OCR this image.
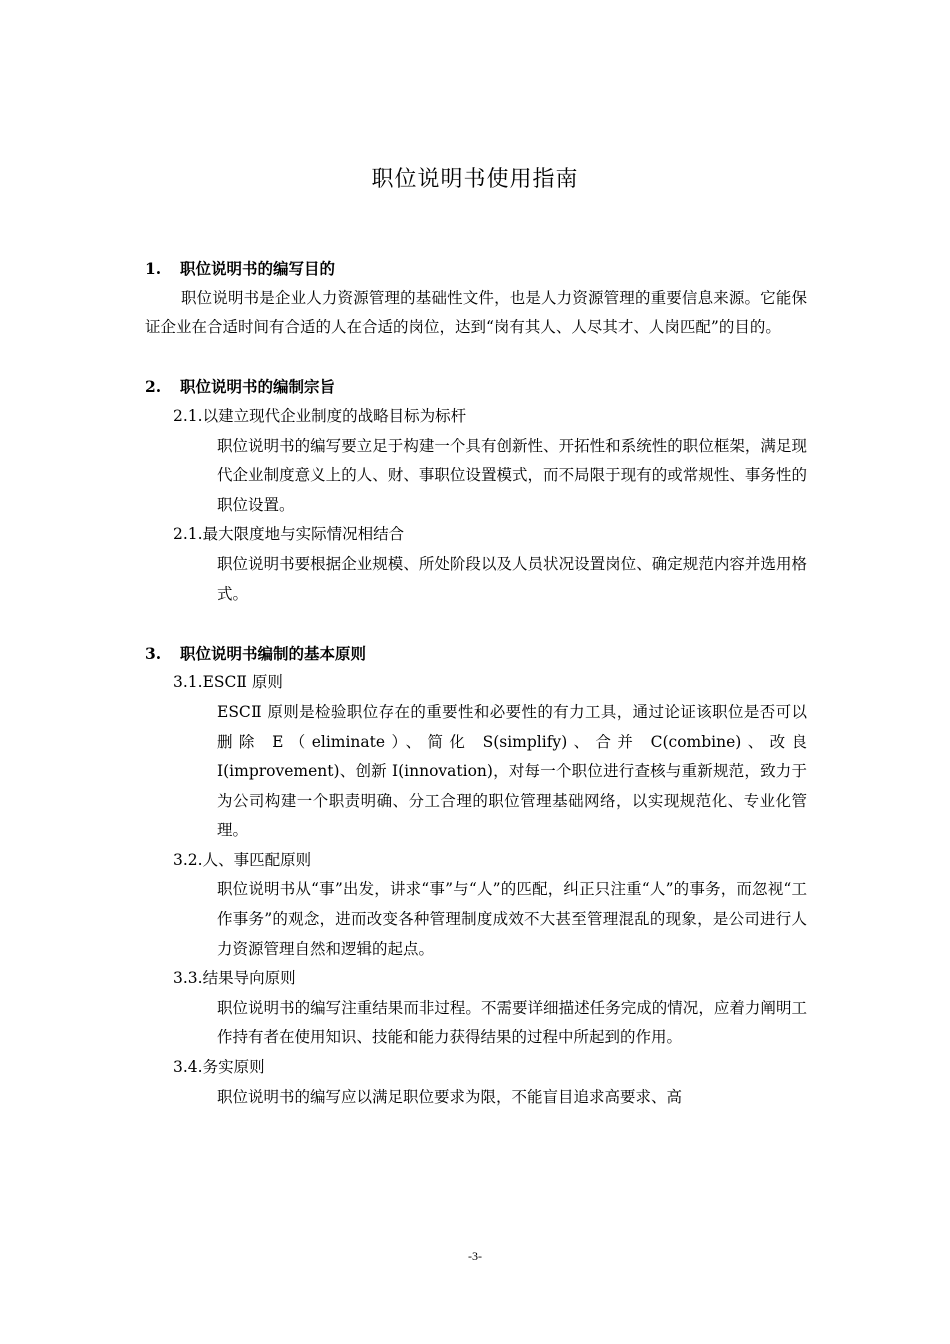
职位说明书使用指南

1. 职位说明书的编写目的

职位说明书是企业人力资源管理的基础性文件，也是人力资源管理的重要信息来源。它能保证企业在合适时间有合适的人在合适的岗位，达到“岗有其人、人尽其才、人岗匹配”的目的。

2. 职位说明书的编制宗旨

2.1.以建立现代企业制度的战略目标为标杆

职位说明书的编写要立足于构建一个具有创新性、开拓性和系统性的职位框架，满足现代企业制度意义上的人、财、事职位设置模式，而不局限于现有的或常规性、事务性的职位设置。

2.1.最大限度地与实际情况相结合

职位说明书要根据企业规模、所处阶段以及人员状况设置岗位、确定规范内容并选用格式。

3. 职位说明书编制的基本原则

3.1.ESCⅡ 原则

ESCⅡ 原则是检验职位存在的重要性和必要性的有力工具，通过论证该职位是否可以删除 E（eliminate）、简化 S(simplify)、合并 C(combine)、改良 I(improvement)、创新 I(innovation)，对每一个职位进行查核与重新规范，致力于为公司构建一个职责明确、分工合理的职位管理基础网络，以实现规范化、专业化管理。

3.2.人、事匹配原则

职位说明书从“事”出发，讲求“事”与“人”的匹配，纠正只注重“人”的事务，而忽视“工作事务”的观念，进而改变各种管理制度成效不大甚至管理混乱的现象，是公司进行人力资源管理自然和逻辑的起点。

3.3.结果导向原则

职位说明书的编写注重结果而非过程。不需要详细描述任务完成的情况，应着力阐明工作持有者在使用知识、技能和能力获得结果的过程中所起到的作用。

3.4.务实原则

职位说明书的编写应以满足职位要求为限，不能盲目追求高要求、高

-3-
